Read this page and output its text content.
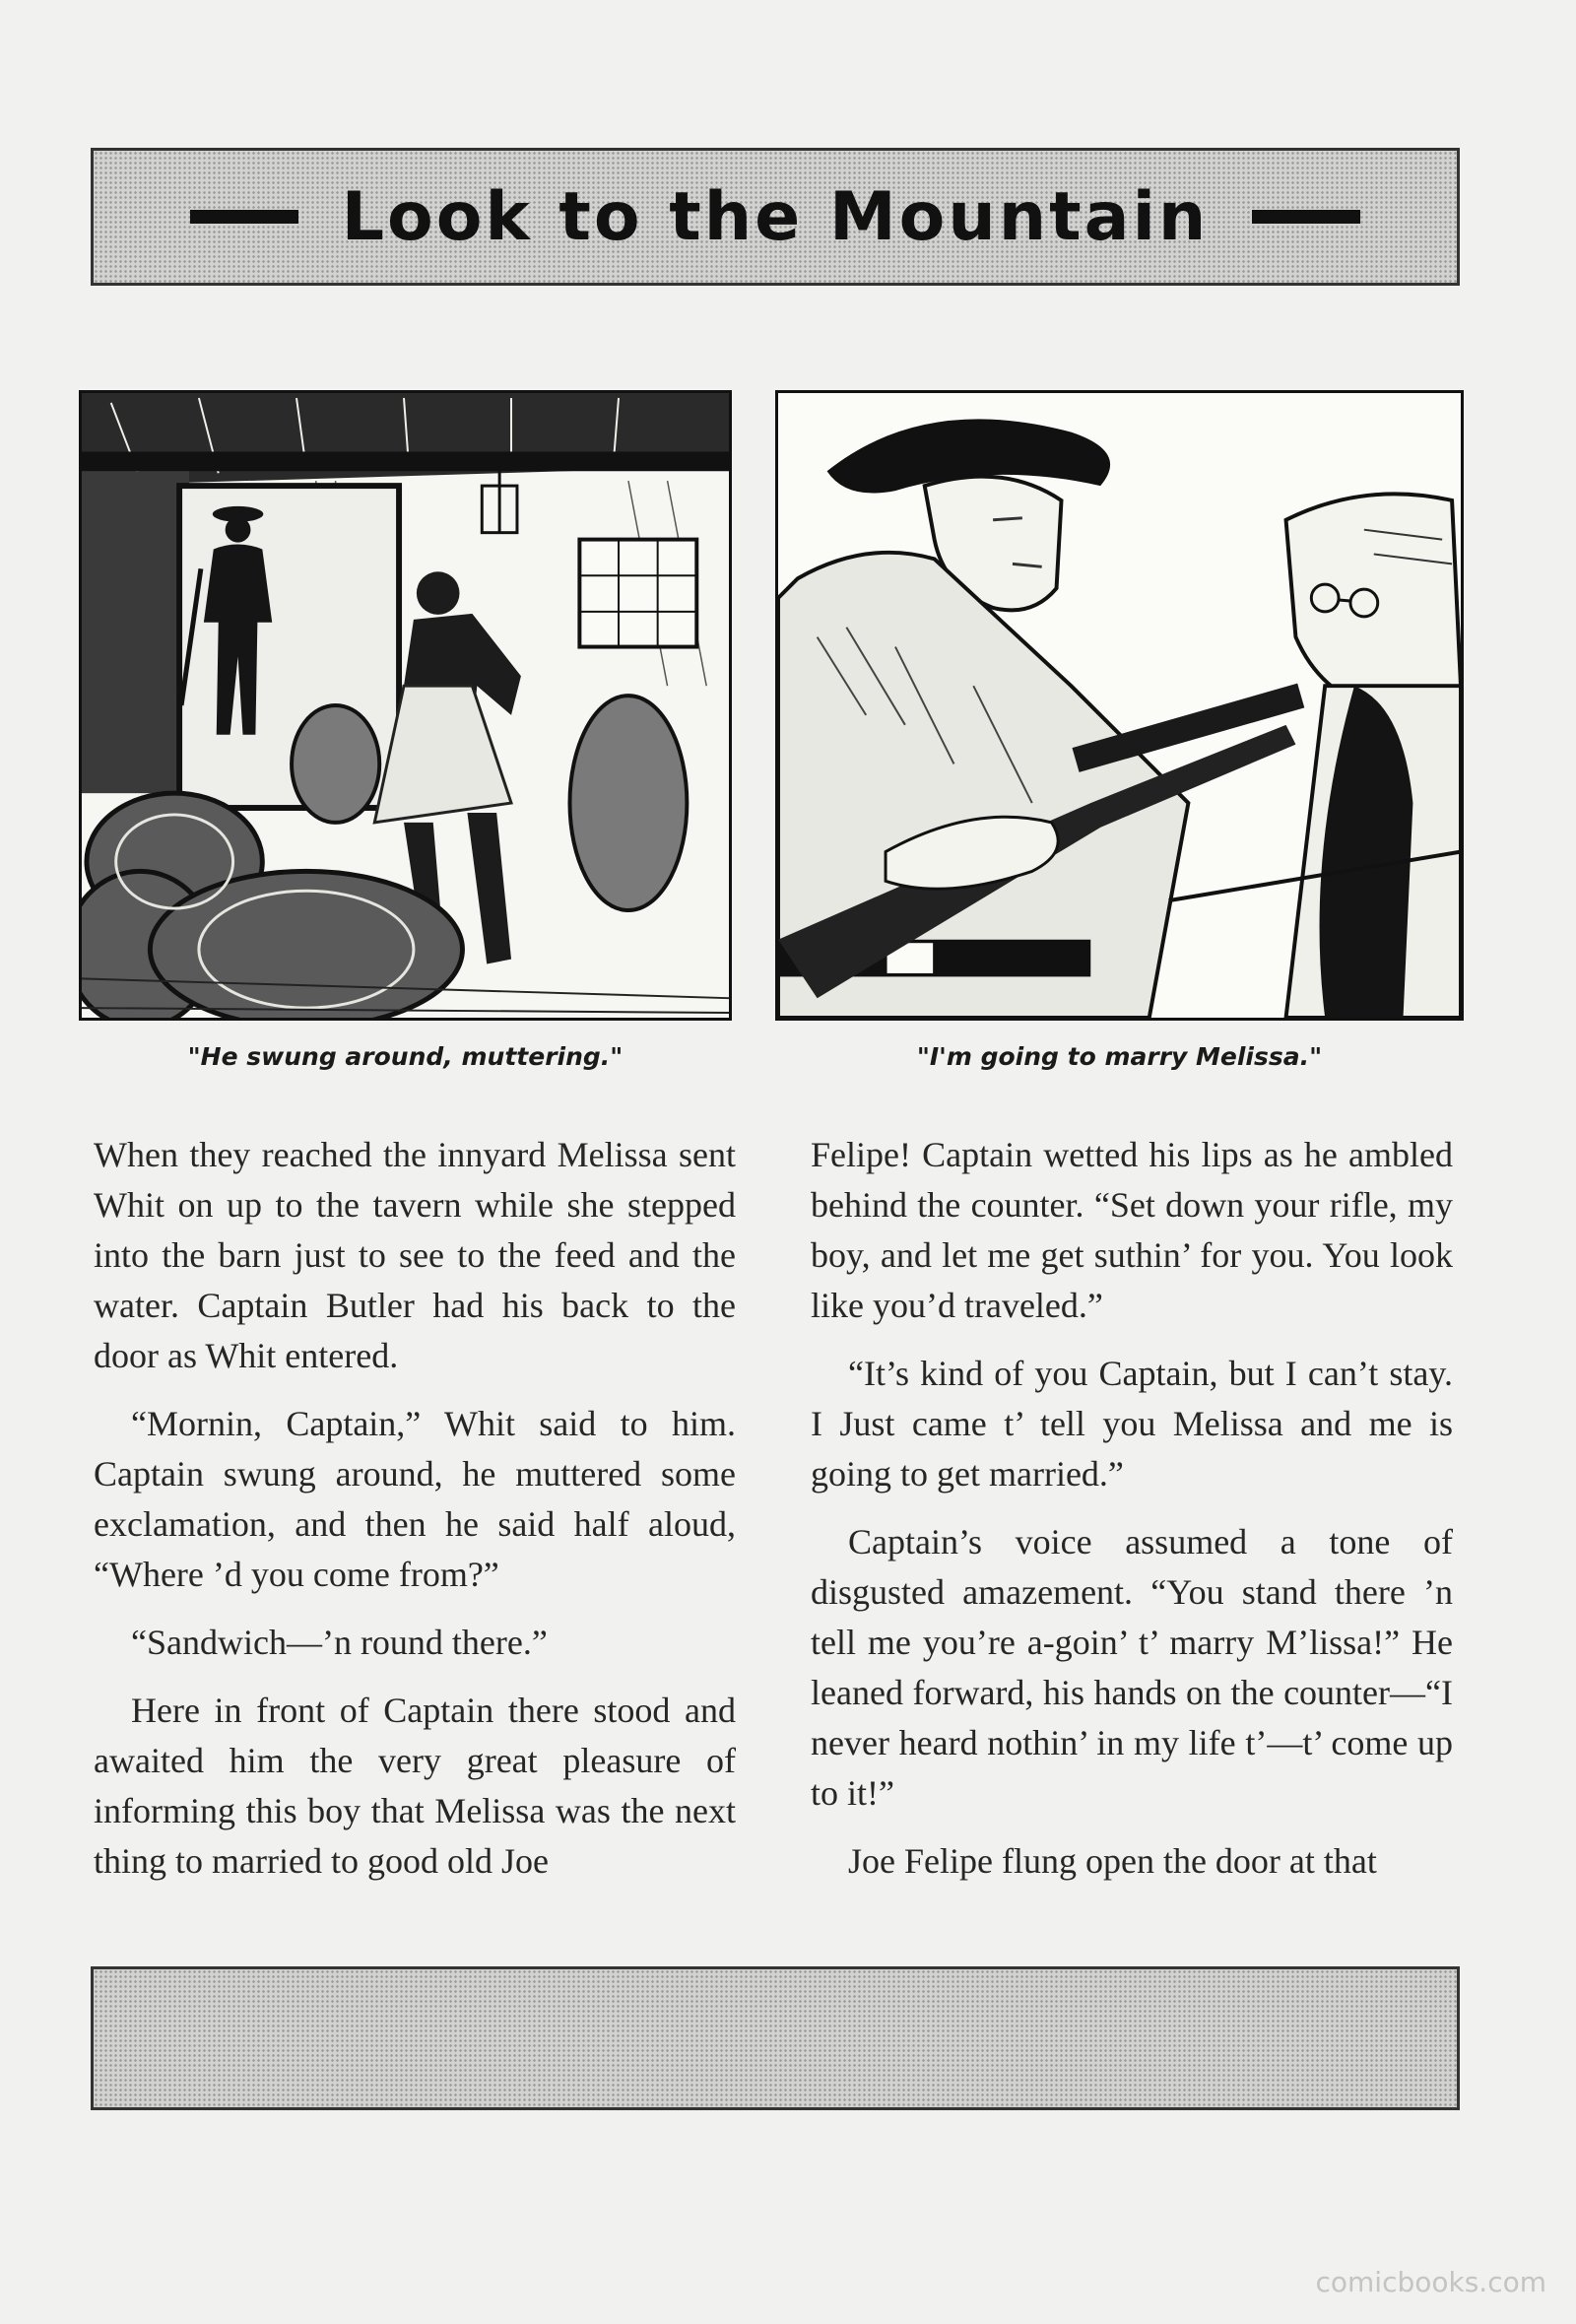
Look to the Mountain
"He swung around, muttering."	"I'm going to marry Melissa."

When they reached the innyard Melissa sent Whit on up to the tavern while she stepped into the barn just to see to the feed and the water. Captain Butler had his back to the door as Whit entered.

“Mornin, Captain,” Whit said to him. Captain swung around, he muttered some exclamation, and then he said half aloud, “Where ’d you come from?”

“Sandwich—’n round there.”

Here in front of Captain there stood and awaited him the very great pleasure of informing this boy that Melissa was the next thing to married to good old Joe

Felipe! Captain wetted his lips as he ambled behind the counter. “Set down your rifle, my boy, and let me get suthin’ for you. You look like you’d traveled.”

“It’s kind of you Captain, but I can’t stay. I Just came t’ tell you Melissa and me is going to get married.”

Captain’s voice assumed a tone of disgusted amazement. “You stand there ’n tell me you’re a-goin’ t’ marry M’lissa!” He leaned forward, his hands on the counter—“I never heard nothin’ in my life t’—t’ come up to it!”

Joe Felipe flung open the door at that

comicbooks.com
